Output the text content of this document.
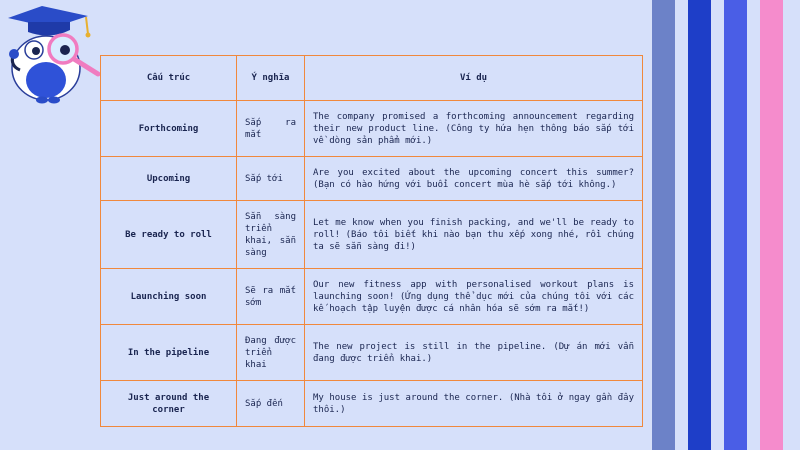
Cấu trúc	Ý nghĩa	Ví dụ
Forthcoming	Sắp ra mắt	The company promised a forthcoming announcement regarding their new product line. (Công ty hứa hẹn thông báo sắp tới về dòng sản phẩm mới.)
Upcoming	Sắp tới	Are you excited about the upcoming concert this summer? (Bạn có hào hứng với buổi concert mùa hè sắp tới không.)
Be ready to roll	Sẵn sàng triển khai, sẵn sàng	Let me know when you finish packing, and we'll be ready to roll! (Báo tôi biết khi nào bạn thu xếp xong nhé, rồi chúng ta sẽ sẵn sàng đi!)
Launching soon	Sẽ ra mắt sớm	Our new fitness app with personalised workout plans is launching soon! (Ứng dụng thể dục mới của chúng tôi với các kế hoạch tập luyện được cá nhân hóa sẽ sớm ra mắt!)
In the pipeline	Đang được triển khai	The new project is still in the pipeline. (Dự án mới vẫn đang được triển khai.)
Just around the corner	Sắp đến	My house is just around the corner. (Nhà tôi ở ngay gần đây thôi.)
